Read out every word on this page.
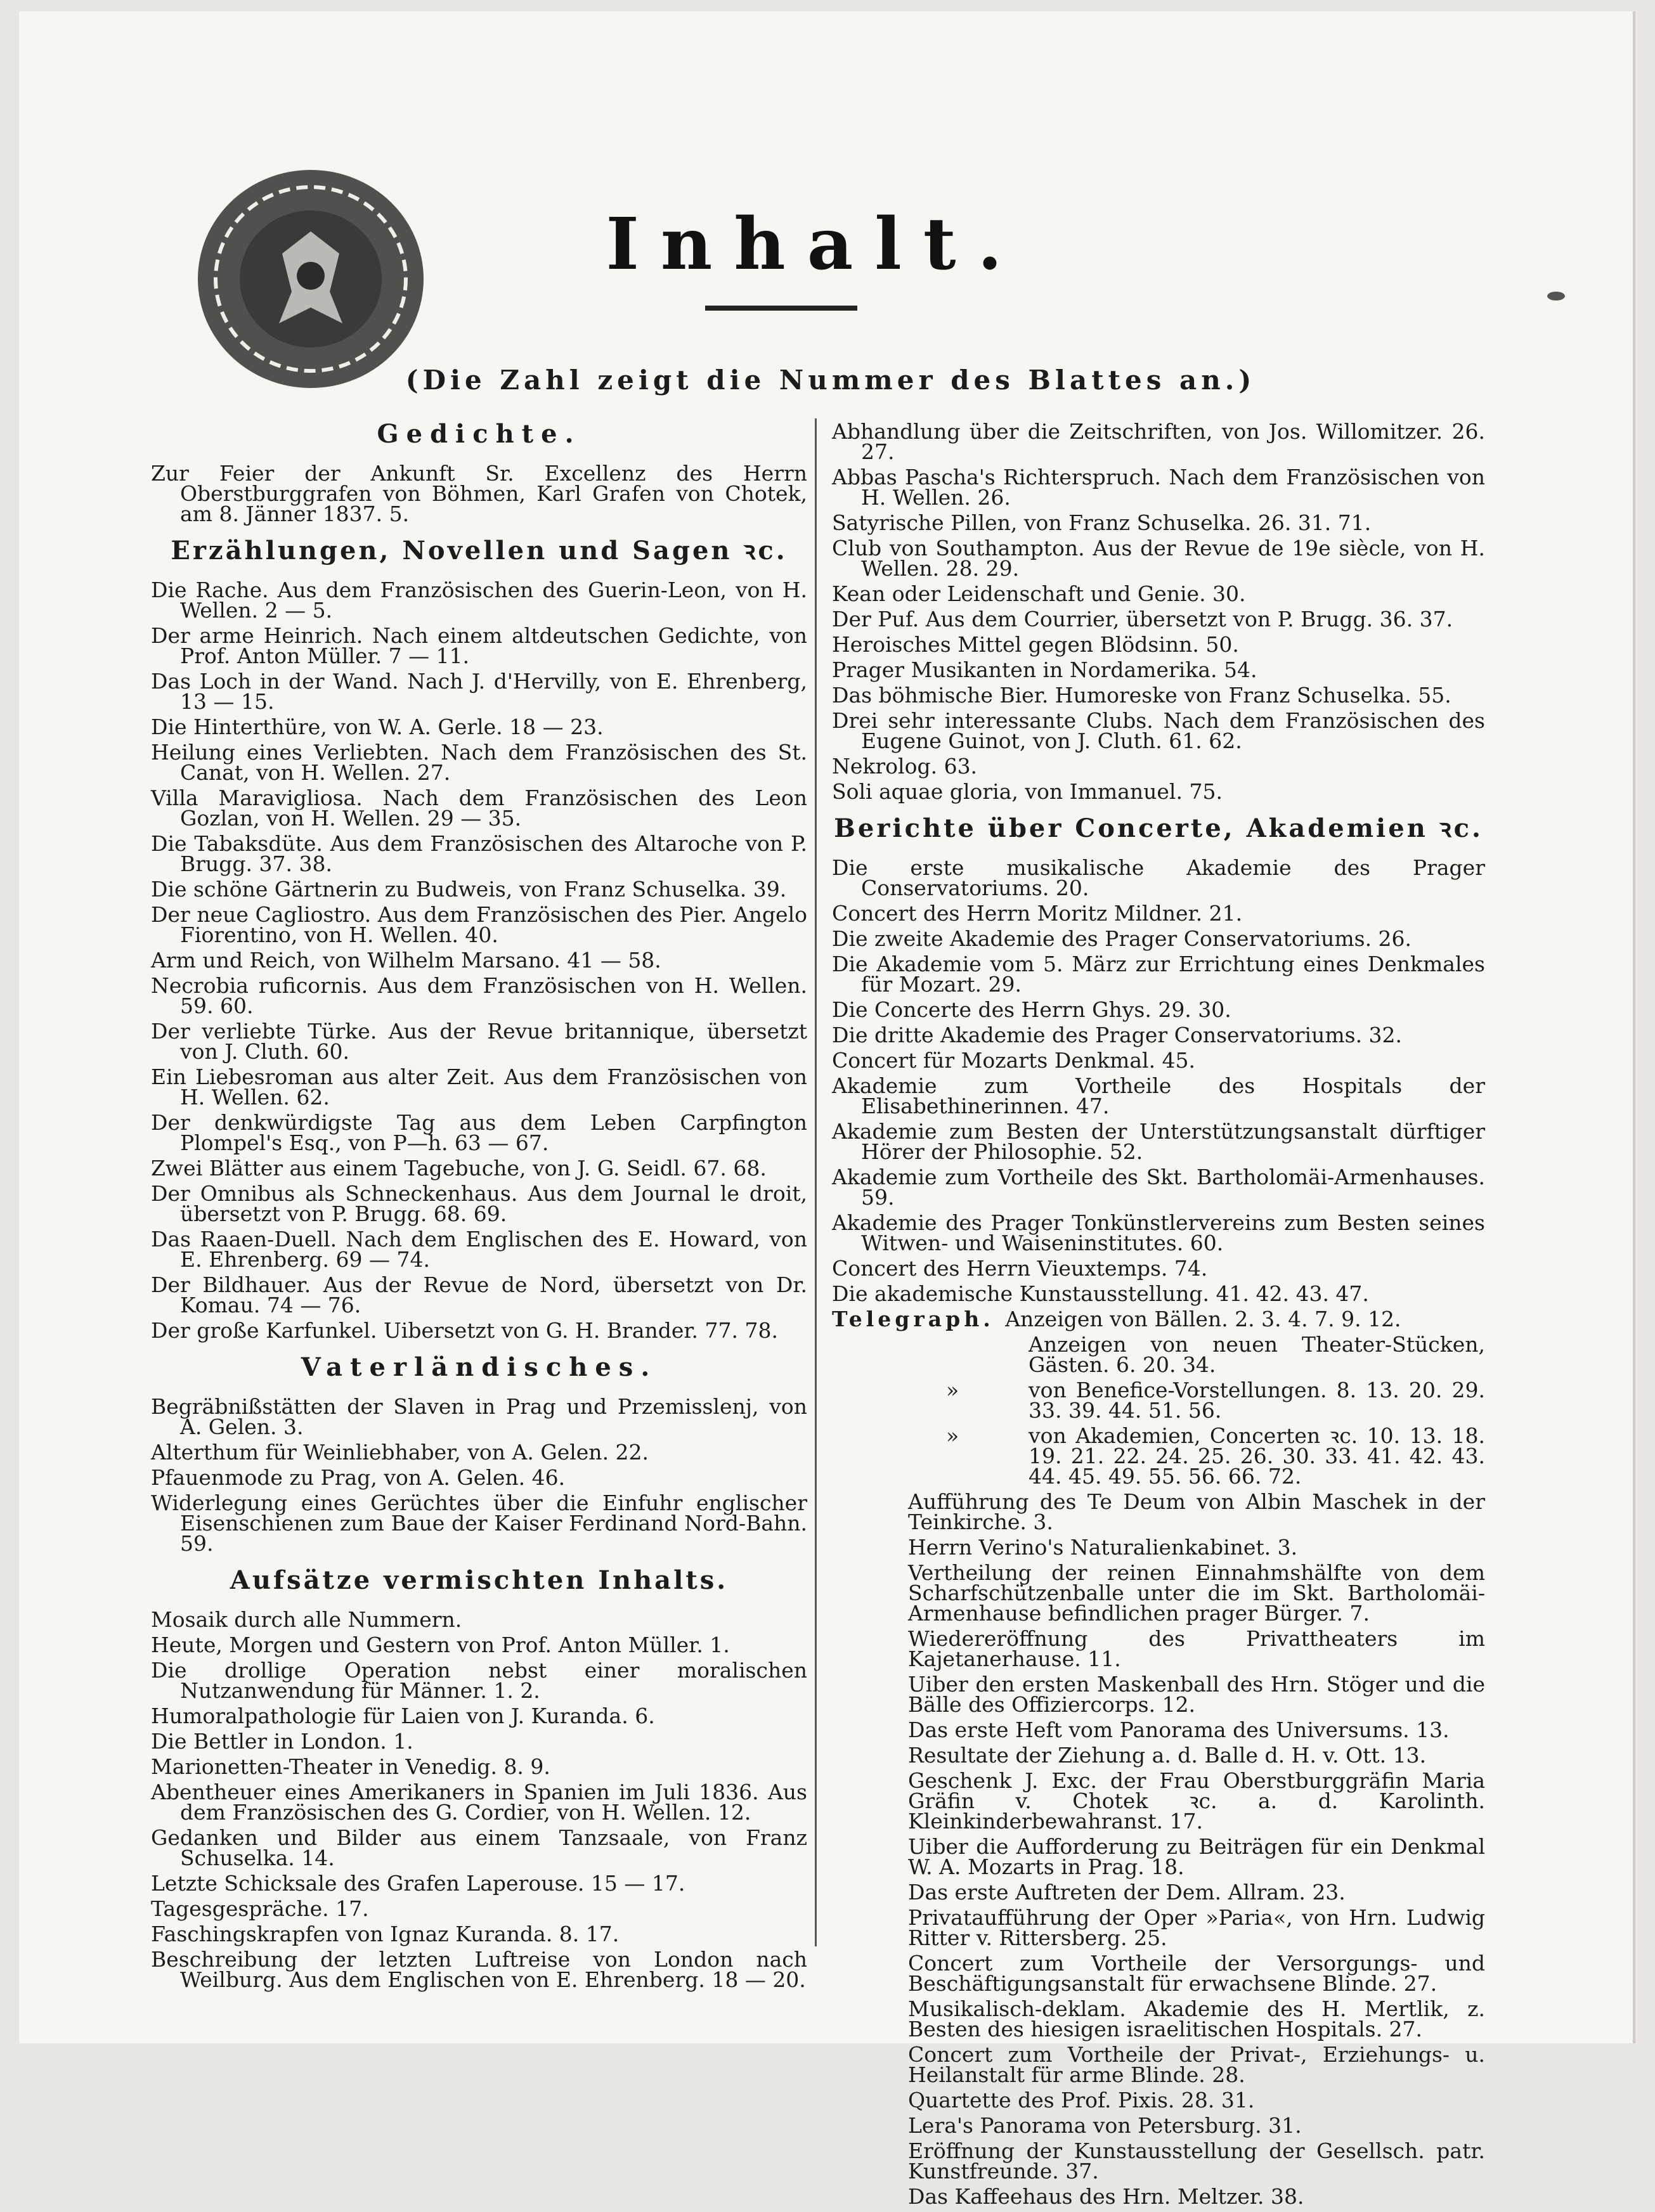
Inhalt.
(Die Zahl zeigt die Nummer des Blattes an.)
Gedichte.
Zur Feier der Ankunft Sr. Excellenz des Herrn Oberstburggrafen von Böhmen, Karl Grafen von Chotek, am 8. Jänner 1837. 5.
Erzählungen, Novellen und Sagen ꝛc.
Die Rache. Aus dem Französischen des Guerin-Leon, von H. Wellen. 2 — 5.
Der arme Heinrich. Nach einem altdeutschen Gedichte, von Prof. Anton Müller. 7 — 11.
Das Loch in der Wand. Nach J. d'Hervilly, von E. Ehrenberg, 13 — 15.
Die Hinterthüre, von W. A. Gerle. 18 — 23.
Heilung eines Verliebten. Nach dem Französischen des St. Canat, von H. Wellen. 27.
Villa Maravigliosa. Nach dem Französischen des Leon Gozlan, von H. Wellen. 29 — 35.
Die Tabaksdüte. Aus dem Französischen des Altaroche von P. Brugg. 37. 38.
Die schöne Gärtnerin zu Budweis, von Franz Schuselka. 39.
Der neue Cagliostro. Aus dem Französischen des Pier. Angelo Fiorentino, von H. Wellen. 40.
Arm und Reich, von Wilhelm Marsano. 41 — 58.
Necrobia ruficornis. Aus dem Französischen von H. Wellen. 59. 60.
Der verliebte Türke. Aus der Revue britannique, übersetzt von J. Cluth. 60.
Ein Liebesroman aus alter Zeit. Aus dem Französischen von H. Wellen. 62.
Der denkwürdigste Tag aus dem Leben Carpfington Plompel's Esq., von P—h. 63 — 67.
Zwei Blätter aus einem Tagebuche, von J. G. Seidl. 67. 68.
Der Omnibus als Schneckenhaus. Aus dem Journal le droit, übersetzt von P. Brugg. 68. 69.
Das Raaen-Duell. Nach dem Englischen des E. Howard, von E. Ehrenberg. 69 — 74.
Der Bildhauer. Aus der Revue de Nord, übersetzt von Dr. Komau. 74 — 76.
Der große Karfunkel. Uibersetzt von G. H. Brander. 77. 78.
Vaterländisches.
Begräbnißstätten der Slaven in Prag und Przemisslenj, von A. Gelen. 3.
Alterthum für Weinliebhaber, von A. Gelen. 22.
Pfauenmode zu Prag, von A. Gelen. 46.
Widerlegung eines Gerüchtes über die Einfuhr englischer Eisenschienen zum Baue der Kaiser Ferdinand Nord-Bahn. 59.
Aufsätze vermischten Inhalts.
Mosaik durch alle Nummern.
Heute, Morgen und Gestern von Prof. Anton Müller. 1.
Die drollige Operation nebst einer moralischen Nutzanwendung für Männer. 1. 2.
Humoralpathologie für Laien von J. Kuranda. 6.
Die Bettler in London. 1.
Marionetten-Theater in Venedig. 8. 9.
Abentheuer eines Amerikaners in Spanien im Juli 1836. Aus dem Französischen des G. Cordier, von H. Wellen. 12.
Gedanken und Bilder aus einem Tanzsaale, von Franz Schuselka. 14.
Letzte Schicksale des Grafen Laperouse. 15 — 17.
Tagesgespräche. 17.
Faschingskrapfen von Ignaz Kuranda. 8. 17.
Beschreibung der letzten Luftreise von London nach Weilburg. Aus dem Englischen von E. Ehrenberg. 18 — 20.
Abhandlung über die Zeitschriften, von Jos. Willomitzer. 26. 27.
Abbas Pascha's Richterspruch. Nach dem Französischen von H. Wellen. 26.
Satyrische Pillen, von Franz Schuselka. 26. 31. 71.
Club von Southampton. Aus der Revue de 19e siècle, von H. Wellen. 28. 29.
Kean oder Leidenschaft und Genie. 30.
Der Puf. Aus dem Courrier, übersetzt von P. Brugg. 36. 37.
Heroisches Mittel gegen Blödsinn. 50.
Prager Musikanten in Nordamerika. 54.
Das böhmische Bier. Humoreske von Franz Schuselka. 55.
Drei sehr interessante Clubs. Nach dem Französischen des Eugene Guinot, von J. Cluth. 61. 62.
Nekrolog. 63.
Soli aquae gloria, von Immanuel. 75.
Berichte über Concerte, Akademien ꝛc.
Die erste musikalische Akademie des Prager Conservatoriums. 20.
Concert des Herrn Moritz Mildner. 21.
Die zweite Akademie des Prager Conservatoriums. 26.
Die Akademie vom 5. März zur Errichtung eines Denkmales für Mozart. 29.
Die Concerte des Herrn Ghys. 29. 30.
Die dritte Akademie des Prager Conservatoriums. 32.
Concert für Mozarts Denkmal. 45.
Akademie zum Vortheile des Hospitals der Elisabethinerinnen. 47.
Akademie zum Besten der Unterstützungsanstalt dürftiger Hörer der Philosophie. 52.
Akademie zum Vortheile des Skt. Bartholomäi-Armenhauses. 59.
Akademie des Prager Tonkünstlervereins zum Besten seines Witwen- und Waiseninstitutes. 60.
Concert des Herrn Vieuxtemps. 74.
Die akademische Kunstausstellung. 41. 42. 43. 47.
Telegraph. Anzeigen von Bällen. 2. 3. 4. 7. 9. 12.
Anzeigen von neuen Theater-Stücken, Gästen. 6. 20. 34.
»	von Benefice-Vorstellungen. 8. 13. 20. 29. 33. 39. 44. 51. 56.
»	von Akademien, Concerten ꝛc. 10. 13. 18. 19. 21. 22. 24. 25. 26. 30. 33. 41. 42. 43. 44. 45. 49. 55. 56. 66. 72.
Aufführung des Te Deum von Albin Maschek in der Teinkirche. 3.
Herrn Verino's Naturalienkabinet. 3.
Vertheilung der reinen Einnahmshälfte von dem Scharfschützenballe unter die im Skt. Bartholomäi-Armenhause befindlichen prager Bürger. 7.
Wiedereröffnung des Privattheaters im Kajetanerhause. 11.
Uiber den ersten Maskenball des Hrn. Stöger und die Bälle des Offiziercorps. 12.
Das erste Heft vom Panorama des Universums. 13.
Resultate der Ziehung a. d. Balle d. H. v. Ott. 13.
Geschenk J. Exc. der Frau Oberstburggräfin Maria Gräfin v. Chotek ꝛc. a. d. Karolinth. Kleinkinderbewahranst. 17.
Uiber die Aufforderung zu Beiträgen für ein Denkmal W. A. Mozarts in Prag. 18.
Das erste Auftreten der Dem. Allram. 23.
Privataufführung der Oper »Paria«, von Hrn. Ludwig Ritter v. Rittersberg. 25.
Concert zum Vortheile der Versorgungs- und Beschäftigungsanstalt für erwachsene Blinde. 27.
Musikalisch-deklam. Akademie des H. Mertlik, z. Besten des hiesigen israelitischen Hospitals. 27.
Concert zum Vortheile der Privat-, Erziehungs- u. Heilanstalt für arme Blinde. 28.
Quartette des Prof. Pixis. 28. 31.
Lera's Panorama von Petersburg. 31.
Eröffnung der Kunstausstellung der Gesellsch. patr. Kunstfreunde. 37.
Das Kaffeehaus des Hrn. Meltzer. 38.
